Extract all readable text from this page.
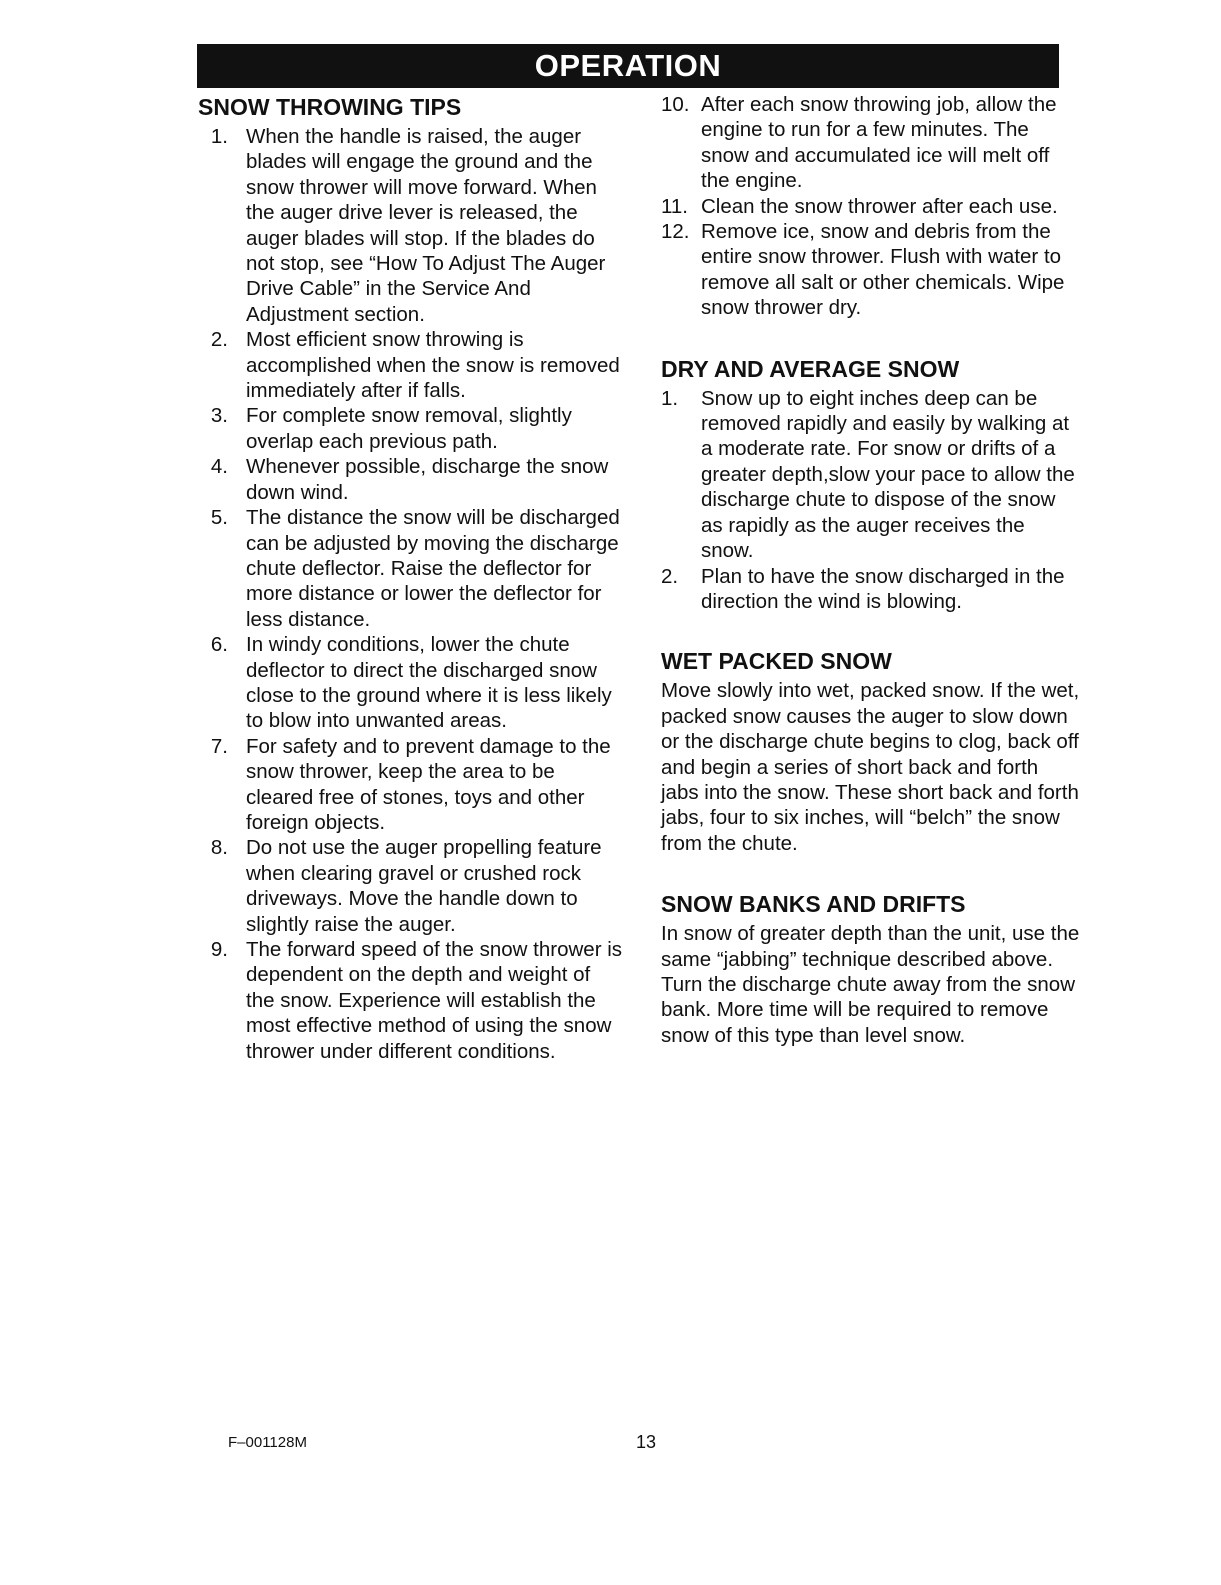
OPERATION
SNOW THROWING TIPS
1. When the handle is raised, the auger blades will engage the ground and the snow thrower will move forward. When the auger drive lever is released, the auger blades will stop. If the blades do not stop, see “How To Adjust The Auger Drive Cable” in the Service And Adjustment section.
2. Most efficient snow throwing is accomplished when the snow is removed immediately after if falls.
3. For complete snow removal, slightly overlap each previous path.
4. Whenever possible, discharge the snow down wind.
5. The distance the snow will be discharged can be adjusted by moving the discharge chute deflector. Raise the deflector for more distance or lower the deflector for less distance.
6. In windy conditions, lower the chute deflector to direct the discharged snow close to the ground where it is less likely to blow into unwanted areas.
7. For safety and to prevent damage to the snow thrower, keep the area to be cleared free of stones, toys and other foreign objects.
8. Do not use the auger propelling feature when clearing gravel or crushed rock driveways. Move the handle down to slightly raise the auger.
9. The forward speed of the snow thrower is dependent on the depth and weight of the snow. Experience will establish the most effective method of using the snow thrower under different conditions.
10. After each snow throwing job, allow the engine to run for a few minutes. The snow and accumulated ice will melt off the engine.
11. Clean the snow thrower after each use.
12. Remove ice, snow and debris from the entire snow thrower. Flush with water to remove all salt or other chemicals. Wipe snow thrower dry.
DRY AND AVERAGE SNOW
1.	Snow up to eight inches deep can be removed rapidly and easily by walking at a moderate rate. For snow or drifts of a greater depth,slow your pace to allow the discharge chute to dispose of the snow as rapidly as the auger receives the snow.
2.	Plan to have the snow discharged in the direction the wind is blowing.
WET PACKED SNOW

Move slowly into wet, packed snow. If the wet, packed snow causes the auger to slow down or the discharge chute begins to clog, back off and begin a series of short back and forth jabs into the snow. These short back and forth jabs, four to six inches, will “belch” the snow from the chute.

SNOW BANKS AND DRIFTS

In snow of greater depth than the unit, use the same “jabbing” technique described above. Turn the discharge chute away from the snow bank. More time will be required to remove snow of this type than level snow.

F–001128M	13
